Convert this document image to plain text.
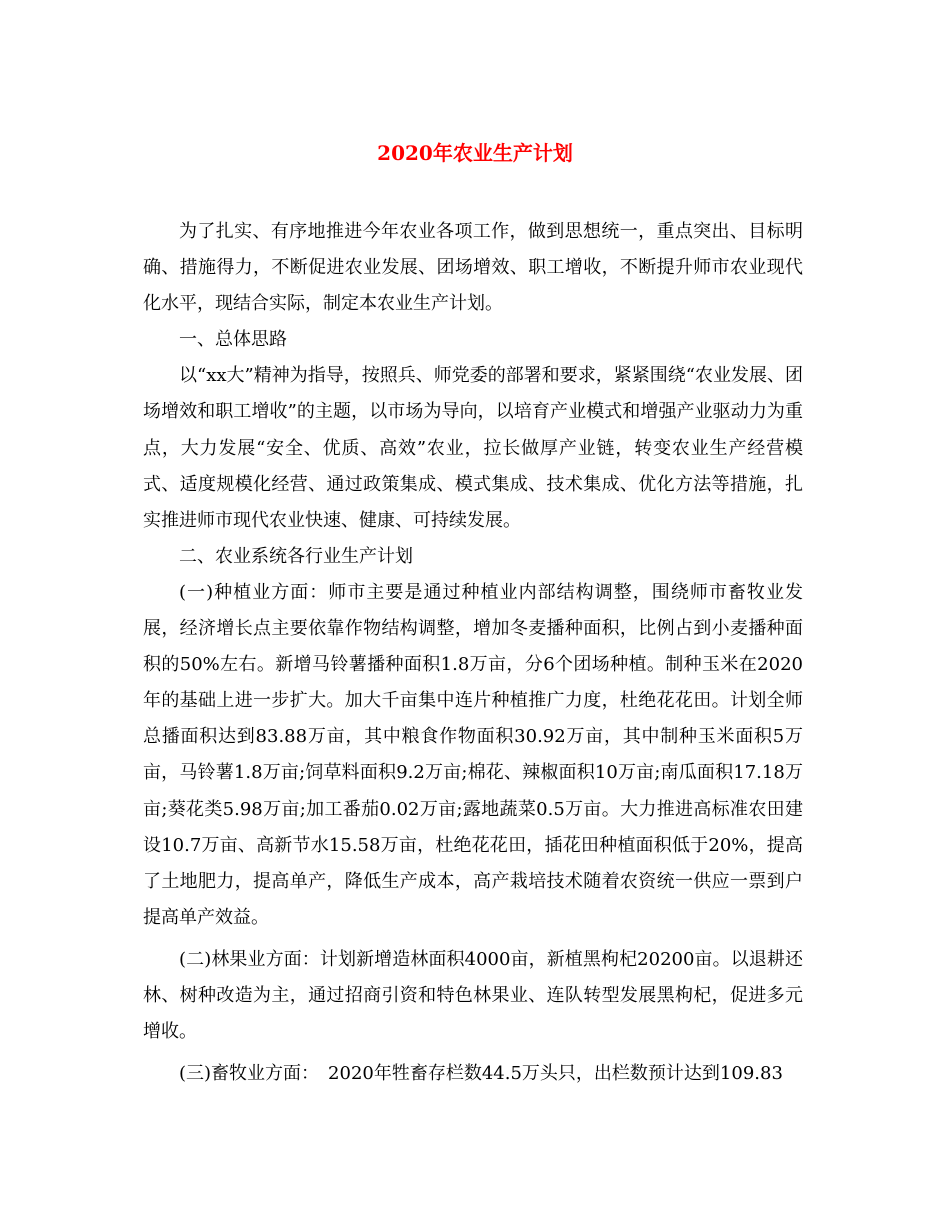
2020年农业生产计划

为了扎实、有序地推进今年农业各项工作，做到思想统一，重点突出、目标明确、措施得力，不断促进农业发展、团场增效、职工增收，不断提升师市农业现代化水平，现结合实际，制定本农业生产计划。

一、总体思路

以“xx大”精神为指导，按照兵、师党委的部署和要求，紧紧围绕“农业发展、团场增效和职工增收”的主题，以市场为导向，以培育产业模式和增强产业驱动力为重点，大力发展“安全、优质、高效”农业，拉长做厚产业链，转变农业生产经营模式、适度规模化经营、通过政策集成、模式集成、技术集成、优化方法等措施，扎实推进师市现代农业快速、健康、可持续发展。

二、农业系统各行业生产计划

(一)种植业方面：师市主要是通过种植业内部结构调整，围绕师市畜牧业发展，经济增长点主要依靠作物结构调整，增加冬麦播种面积，比例占到小麦播种面积的50%左右。新增马铃薯播种面积1.8万亩，分6个团场种植。制种玉米在2020年的基础上进一步扩大。加大千亩集中连片种植推广力度，杜绝花花田。计划全师总播面积达到83.88万亩，其中粮食作物面积30.92万亩，其中制种玉米面积5万亩，马铃薯1.8万亩;饲草料面积9.2万亩;棉花、辣椒面积10万亩;南瓜面积17.18万亩;葵花类5.98万亩;加工番茄0.02万亩;露地蔬菜0.5万亩。大力推进高标准农田建设10.7万亩、高新节水15.58万亩，杜绝花花田，插花田种植面积低于20%，提高了土地肥力，提高单产，降低生产成本，高产栽培技术随着农资统一供应一票到户提高单产效益。

(二)林果业方面：计划新增造林面积4000亩，新植黑枸杞20200亩。以退耕还林、树种改造为主，通过招商引资和特色林果业、连队转型发展黑枸杞，促进多元增收。

(三)畜牧业方面：　2020年牲畜存栏数44.5万头只，出栏数预计达到109.83
